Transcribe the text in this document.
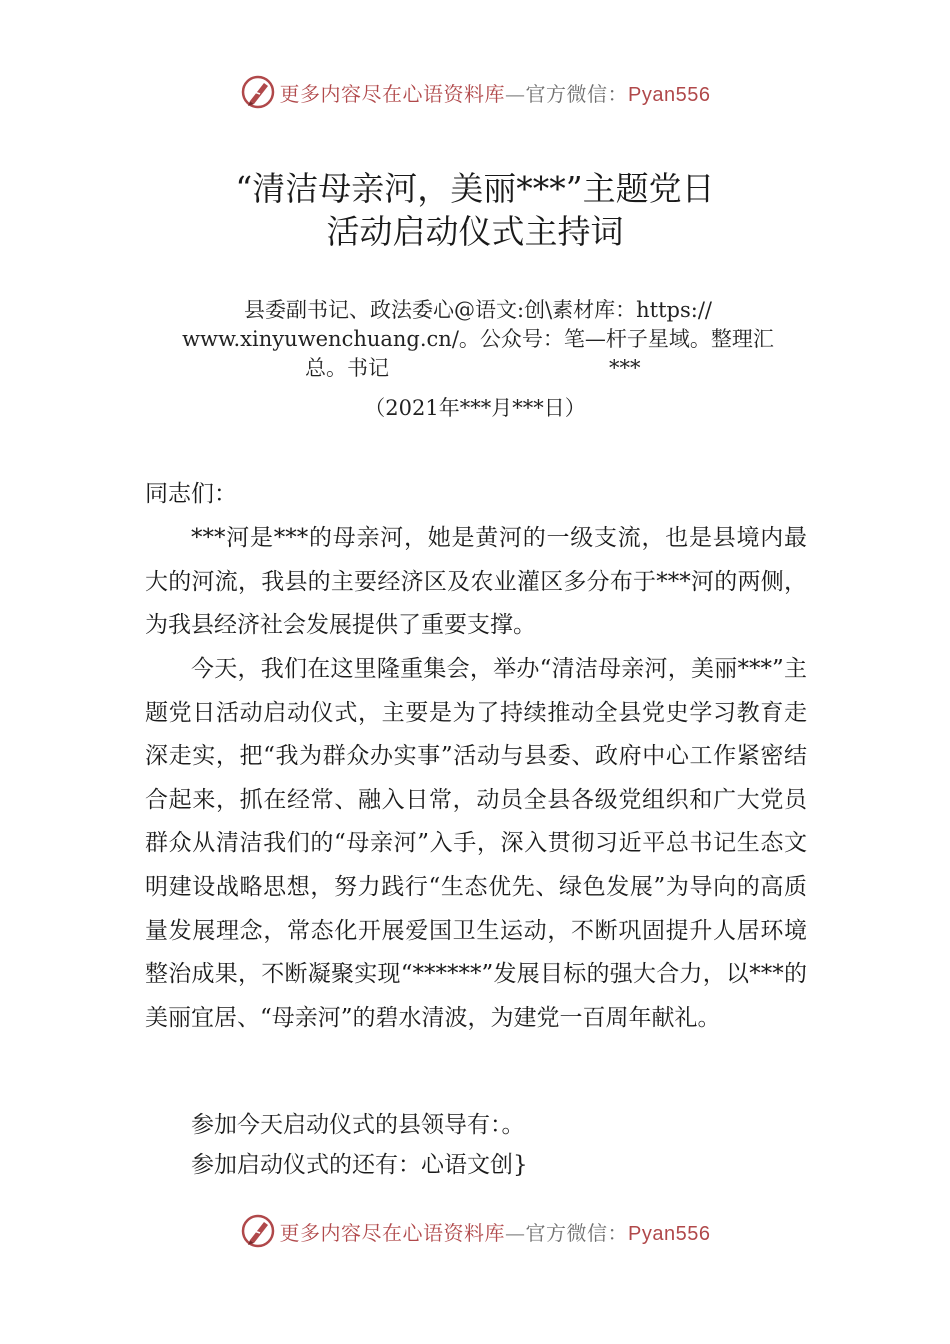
更多内容尽在心语资料库—官方微信：Pyan556
“清洁母亲河，美丽***”主题党日
活动启动仪式主持词
县委副书记、政法委心@语文:创\素材库：https://
www.xinyuwenchuang.cn/。公众号：笔—杆子星域。整理汇
总。书记	***
（2021年***月***日）
同志们：

***河是***的母亲河，她是黄河的一级支流，也是县境内最大的河流，我县的主要经济区及农业灌区多分布于***河的两侧，为我县经济社会发展提供了重要支撑。

今天，我们在这里隆重集会，举办“清洁母亲河，美丽***”主题党日活动启动仪式，主要是为了持续推动全县党史学习教育走深走实，把“我为群众办实事”活动与县委、政府中心工作紧密结合起来，抓在经常、融入日常，动员全县各级党组织和广大党员群众从清洁我们的“母亲河”入手，深入贯彻习近平总书记生态文明建设战略思想，努力践行“生态优先、绿色发展”为导向的高质量发展理念，常态化开展爱国卫生运动，不断巩固提升人居环境整治成果，不断凝聚实现“******”发展目标的强大合力，以***的美丽宜居、“母亲河”的碧水清波，为建党一百周年献礼。

参加今天启动仪式的县领导有：。

参加启动仪式的还有：心语文创}

更多内容尽在心语资料库—官方微信：Pyan556
